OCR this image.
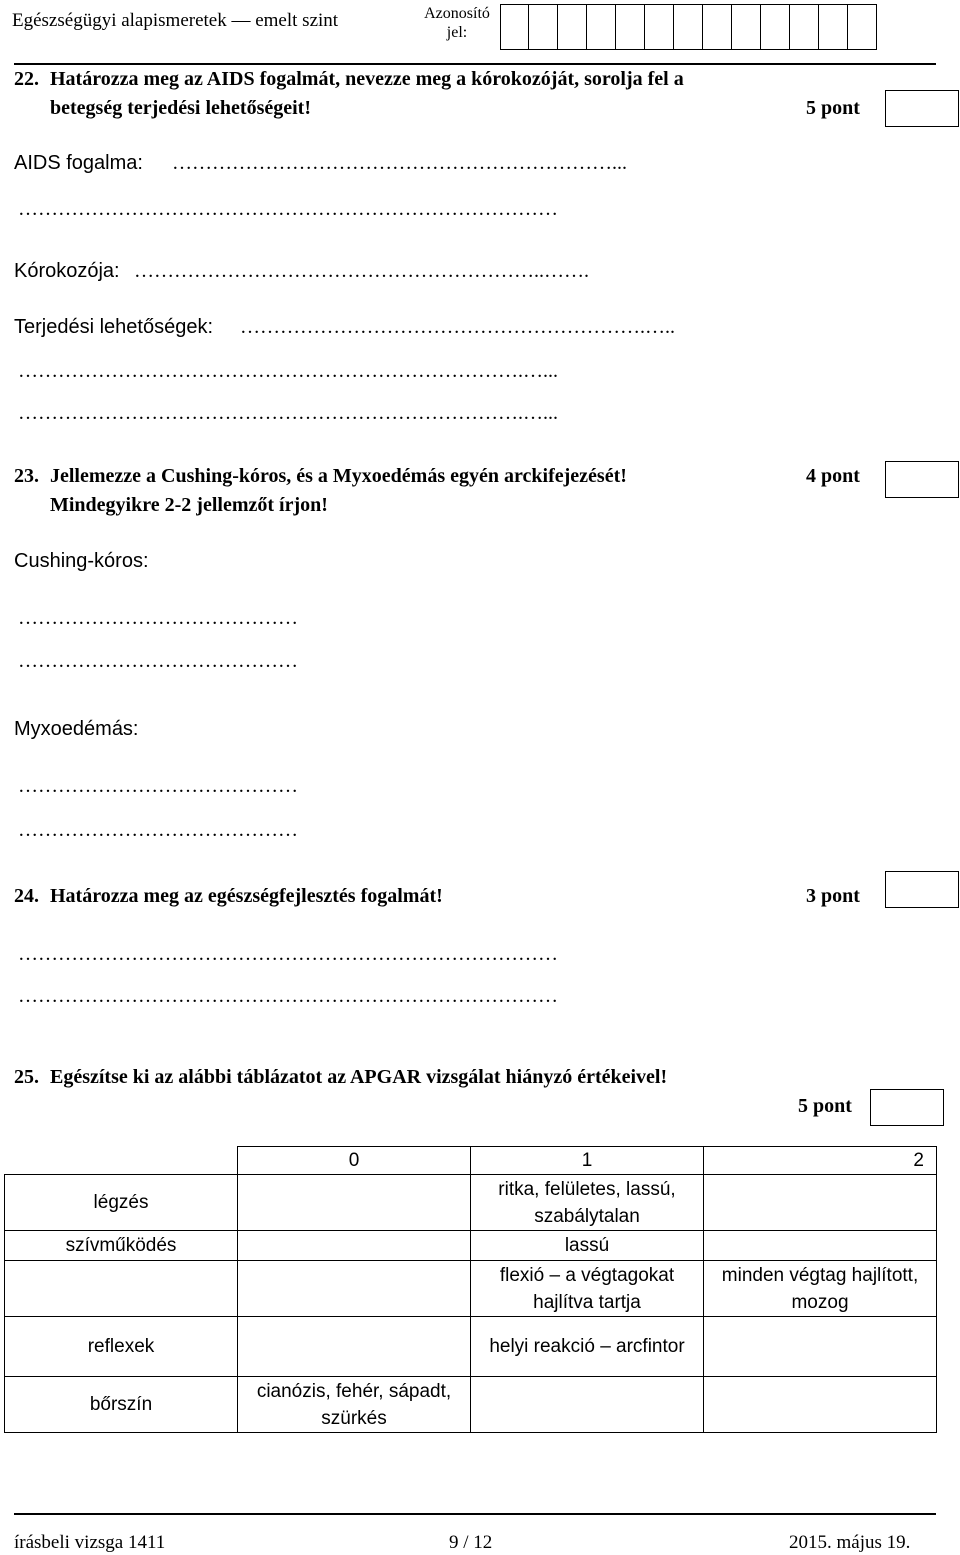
Egészségügyi alapismeretek — emelt szint	Azonosító jel:
22. Határozza meg az AIDS fogalmát, nevezze meg a kórokozóját, sorolja fel a
betegség terjedési lehetőségeit!	5 pont
AIDS fogalma: …………………………………………………………...
………………………………………………………………………
Kórokozója: ……………………………………………………..…….
Terjedési lehetőségek: …………………………………………………….…..
………………………………………………………………….…...
………………………………………………………………….…...
23. Jellemezze a Cushing-kóros, és a Myxoedémás egyén arckifejezését!	4 pont
Mindegyikre 2-2 jellemzőt írjon!
Cushing-kóros:
……………………………………
……………………………………
Myxoedémás:
……………………………………
……………………………………
24. Határozza meg az egészségfejlesztés fogalmát!	3 pont
………………………………………………………………………
………………………………………………………………………
25. Egészítse ki az alábbi táblázatot az APGAR vizsgálat hiányzó értékeivel!
5 pont
	0	1	2
légzés		ritka, felületes, lassú, szabálytalan	
szívműködés		lassú	
		flexió – a végtagokat hajlítva tartja	minden végtag hajlított, mozog
reflexek		helyi reakció – arcfintor	
bőrszín	cianózis, fehér, sápadt, szürkés		
írásbeli vizsga 1411	9 / 12	2015. május 19.
